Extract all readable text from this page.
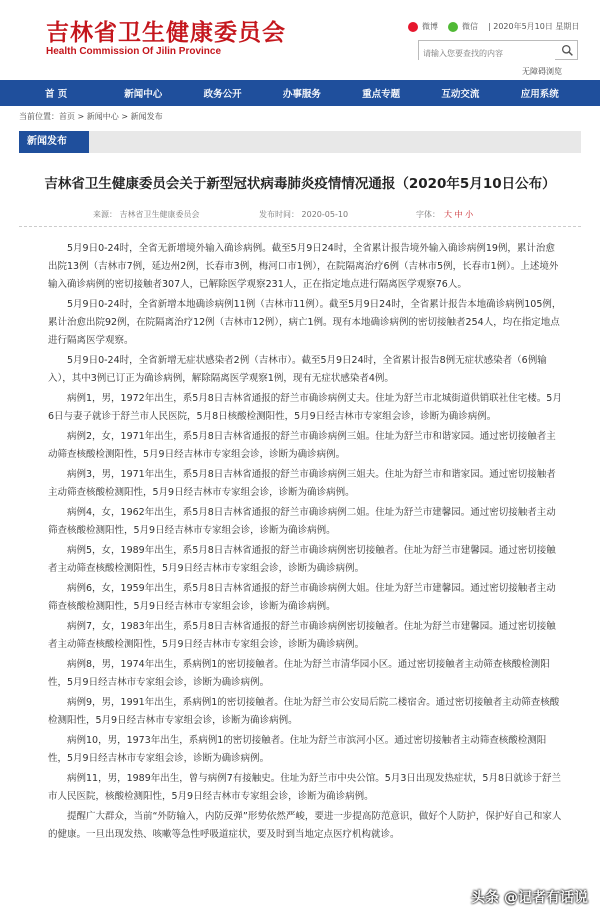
吉林省卫生健康委员会
Health Commission Of Jilin Province
微博	微信 | 2020年5月10日 星期日
请输入您要查找的内容
无障碍浏览
首 页	新闻中心	政务公开	办事服务	重点专题	互动交流	应用系统
当前位置：首页 > 新闻中心 > 新闻发布
新闻发布
吉林省卫生健康委员会关于新型冠状病毒肺炎疫情情况通报（2020年5月10日公布）
来源： 吉林省卫生健康委员会	发布时间： 2020-05-10	字体： 大 中 小

5月9日0-24时，全省无新增境外输入确诊病例。截至5月9日24时，全省累计报告境外输入确诊病例19例，累计治愈出院13例（吉林市7例，延边州2例，长春市3例，梅河口市1例），在院隔离治疗6例（吉林市5例，长春市1例）。上述境外输入确诊病例的密切接触者307人，已解除医学观察231人，正在指定地点进行隔离医学观察76人。

5月9日0-24时，全省新增本地确诊病例11例（吉林市11例）。截至5月9日24时，全省累计报告本地确诊病例105例，累计治愈出院92例，在院隔离治疗12例（吉林市12例），病亡1例。现有本地确诊病例的密切接触者254人，均在指定地点进行隔离医学观察。

5月9日0-24时，全省新增无症状感染者2例（吉林市）。截至5月9日24时，全省累计报告8例无症状感染者（6例输入），其中3例已订正为确诊病例，解除隔离医学观察1例，现有无症状感染者4例。

病例1，男，1972年出生，系5月8日吉林省通报的舒兰市确诊病例丈夫。住址为舒兰市北城街道供销联社住宅楼。5月6日与妻子就诊于舒兰市人民医院，5月8日核酸检测阳性，5月9日经吉林市专家组会诊，诊断为确诊病例。

病例2，女，1971年出生，系5月8日吉林省通报的舒兰市确诊病例三姐。住址为舒兰市和谐家园。通过密切接触者主动筛查核酸检测阳性，5月9日经吉林市专家组会诊，诊断为确诊病例。

病例3，男，1971年出生，系5月8日吉林省通报的舒兰市确诊病例三姐夫。住址为舒兰市和谐家园。通过密切接触者主动筛查核酸检测阳性，5月9日经吉林市专家组会诊，诊断为确诊病例。

病例4，女，1962年出生，系5月8日吉林省通报的舒兰市确诊病例二姐。住址为舒兰市建馨园。通过密切接触者主动筛查核酸检测阳性，5月9日经吉林市专家组会诊，诊断为确诊病例。

病例5，女，1989年出生，系5月8日吉林省通报的舒兰市确诊病例密切接触者。住址为舒兰市建馨园。通过密切接触者主动筛查核酸检测阳性，5月9日经吉林市专家组会诊，诊断为确诊病例。

病例6，女，1959年出生，系5月8日吉林省通报的舒兰市确诊病例大姐。住址为舒兰市建馨园。通过密切接触者主动筛查核酸检测阳性，5月9日经吉林市专家组会诊，诊断为确诊病例。

病例7，女，1983年出生，系5月8日吉林省通报的舒兰市确诊病例密切接触者。住址为舒兰市建馨园。通过密切接触者主动筛查核酸检测阳性，5月9日经吉林市专家组会诊，诊断为确诊病例。

病例8，男，1974年出生，系病例1的密切接触者。住址为舒兰市清华园小区。通过密切接触者主动筛查核酸检测阳性，5月9日经吉林市专家组会诊，诊断为确诊病例。

病例9，男，1991年出生，系病例1的密切接触者。住址为舒兰市公安局后院二楼宿舍。通过密切接触者主动筛查核酸检测阳性，5月9日经吉林市专家组会诊，诊断为确诊病例。

病例10，男，1973年出生，系病例1的密切接触者。住址为舒兰市滨河小区。通过密切接触者主动筛查核酸检测阳性，5月9日经吉林市专家组会诊，诊断为确诊病例。

病例11，男，1989年出生，曾与病例7有接触史。住址为舒兰市中央公馆。5月3日出现发热症状，5月8日就诊于舒兰市人民医院，核酸检测阳性，5月9日经吉林市专家组会诊，诊断为确诊病例。

提醒广大群众，当前“外防输入，内防反弹”形势依然严峻，要进一步提高防范意识，做好个人防护，保护好自己和家人的健康。一旦出现发热、咳嗽等急性呼吸道症状，要及时到当地定点医疗机构就诊。

头条 @记者有话说
